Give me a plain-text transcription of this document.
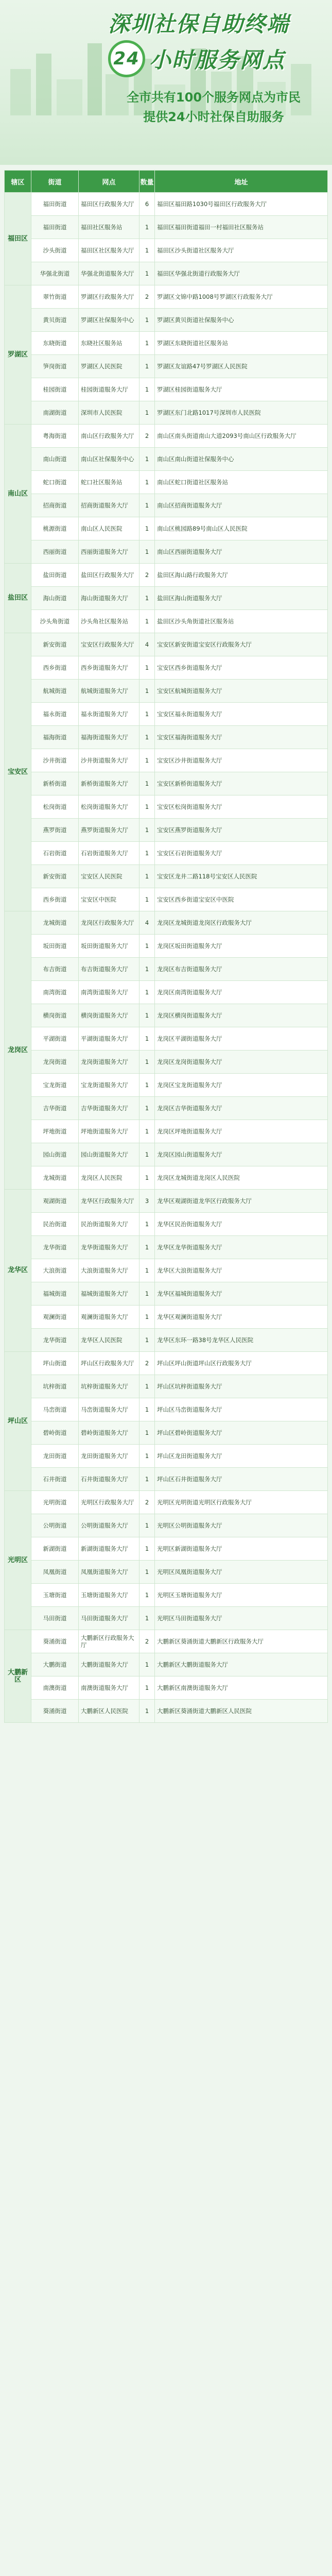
深圳社保自助终端
24 小时服务网点
全市共有100个服务网点为市民
提供24小时社保自助服务
辖区	街道	网点	数量	地址
福田区	福田街道	福田区行政服务大厅	6	福田区福田路1030号福田区行政服务大厅
	福田街道	福田社区服务站	1	福田区福田街道福田一村福田社区服务站
	沙头街道	福田区社区服务大厅	1	福田区沙头街道社区服务大厅
	华强北街道	华强北街道服务大厅	1	福田区华强北街道行政服务大厅
罗湖区	翠竹街道	罗湖区行政服务大厅	2	罗湖区文锦中路1008号罗湖区行政服务大厅
	黄贝街道	罗湖区社保服务中心	1	罗湖区黄贝街道社保服务中心
	东晓街道	东晓社区服务站	1	罗湖区东晓街道社区服务站
	笋岗街道	罗湖区人民医院	1	罗湖区友谊路47号罗湖区人民医院
	桂园街道	桂园街道服务大厅	1	罗湖区桂园街道服务大厅
	南湖街道	深圳市人民医院	1	罗湖区东门北路1017号深圳市人民医院
南山区	粤海街道	南山区行政服务大厅	2	南山区南头街道南山大道2093号南山区行政服务大厅
	南山街道	南山区社保服务中心	1	南山区南山街道社保服务中心
	蛇口街道	蛇口社区服务站	1	南山区蛇口街道社区服务站
	招商街道	招商街道服务大厅	1	南山区招商街道服务大厅
	桃源街道	南山区人民医院	1	南山区桃园路89号南山区人民医院
	西丽街道	西丽街道服务大厅	1	南山区西丽街道服务大厅
盐田区	盐田街道	盐田区行政服务大厅	2	盐田区海山路行政服务大厅
	海山街道	海山街道服务大厅	1	盐田区海山街道服务大厅
	沙头角街道	沙头角社区服务站	1	盐田区沙头角街道社区服务站
宝安区	新安街道	宝安区行政服务大厅	4	宝安区新安街道宝安区行政服务大厅
	西乡街道	西乡街道服务大厅	1	宝安区西乡街道服务大厅
	航城街道	航城街道服务大厅	1	宝安区航城街道服务大厅
	福永街道	福永街道服务大厅	1	宝安区福永街道服务大厅
	福海街道	福海街道服务大厅	1	宝安区福海街道服务大厅
	沙井街道	沙井街道服务大厅	1	宝安区沙井街道服务大厅
	新桥街道	新桥街道服务大厅	1	宝安区新桥街道服务大厅
	松岗街道	松岗街道服务大厅	1	宝安区松岗街道服务大厅
	燕罗街道	燕罗街道服务大厅	1	宝安区燕罗街道服务大厅
	石岩街道	石岩街道服务大厅	1	宝安区石岩街道服务大厅
	新安街道	宝安区人民医院	1	宝安区龙井二路118号宝安区人民医院
	西乡街道	宝安区中医院	1	宝安区西乡街道宝安区中医院
龙岗区	龙城街道	龙岗区行政服务大厅	4	龙岗区龙城街道龙岗区行政服务大厅
	坂田街道	坂田街道服务大厅	1	龙岗区坂田街道服务大厅
	布吉街道	布吉街道服务大厅	1	龙岗区布吉街道服务大厅
	南湾街道	南湾街道服务大厅	1	龙岗区南湾街道服务大厅
	横岗街道	横岗街道服务大厅	1	龙岗区横岗街道服务大厅
	平湖街道	平湖街道服务大厅	1	龙岗区平湖街道服务大厅
	龙岗街道	龙岗街道服务大厅	1	龙岗区龙岗街道服务大厅
	宝龙街道	宝龙街道服务大厅	1	龙岗区宝龙街道服务大厅
	吉华街道	吉华街道服务大厅	1	龙岗区吉华街道服务大厅
	坪地街道	坪地街道服务大厅	1	龙岗区坪地街道服务大厅
	园山街道	园山街道服务大厅	1	龙岗区园山街道服务大厅
	龙城街道	龙岗区人民医院	1	龙岗区龙城街道龙岗区人民医院
龙华区	观湖街道	龙华区行政服务大厅	3	龙华区观湖街道龙华区行政服务大厅
	民治街道	民治街道服务大厅	1	龙华区民治街道服务大厅
	龙华街道	龙华街道服务大厅	1	龙华区龙华街道服务大厅
	大浪街道	大浪街道服务大厅	1	龙华区大浪街道服务大厅
	福城街道	福城街道服务大厅	1	龙华区福城街道服务大厅
	观澜街道	观澜街道服务大厅	1	龙华区观澜街道服务大厅
	龙华街道	龙华区人民医院	1	龙华区东环一路38号龙华区人民医院
坪山区	坪山街道	坪山区行政服务大厅	2	坪山区坪山街道坪山区行政服务大厅
	坑梓街道	坑梓街道服务大厅	1	坪山区坑梓街道服务大厅
	马峦街道	马峦街道服务大厅	1	坪山区马峦街道服务大厅
	碧岭街道	碧岭街道服务大厅	1	坪山区碧岭街道服务大厅
	龙田街道	龙田街道服务大厅	1	坪山区龙田街道服务大厅
	石井街道	石井街道服务大厅	1	坪山区石井街道服务大厅
光明区	光明街道	光明区行政服务大厅	2	光明区光明街道光明区行政服务大厅
	公明街道	公明街道服务大厅	1	光明区公明街道服务大厅
	新湖街道	新湖街道服务大厅	1	光明区新湖街道服务大厅
	凤凰街道	凤凰街道服务大厅	1	光明区凤凰街道服务大厅
	玉塘街道	玉塘街道服务大厅	1	光明区玉塘街道服务大厅
	马田街道	马田街道服务大厅	1	光明区马田街道服务大厅
大鹏新区	葵涌街道	大鹏新区行政服务大厅	2	大鹏新区葵涌街道大鹏新区行政服务大厅
	大鹏街道	大鹏街道服务大厅	1	大鹏新区大鹏街道服务大厅
	南澳街道	南澳街道服务大厅	1	大鹏新区南澳街道服务大厅
	葵涌街道	大鹏新区人民医院	1	大鹏新区葵涌街道大鹏新区人民医院
